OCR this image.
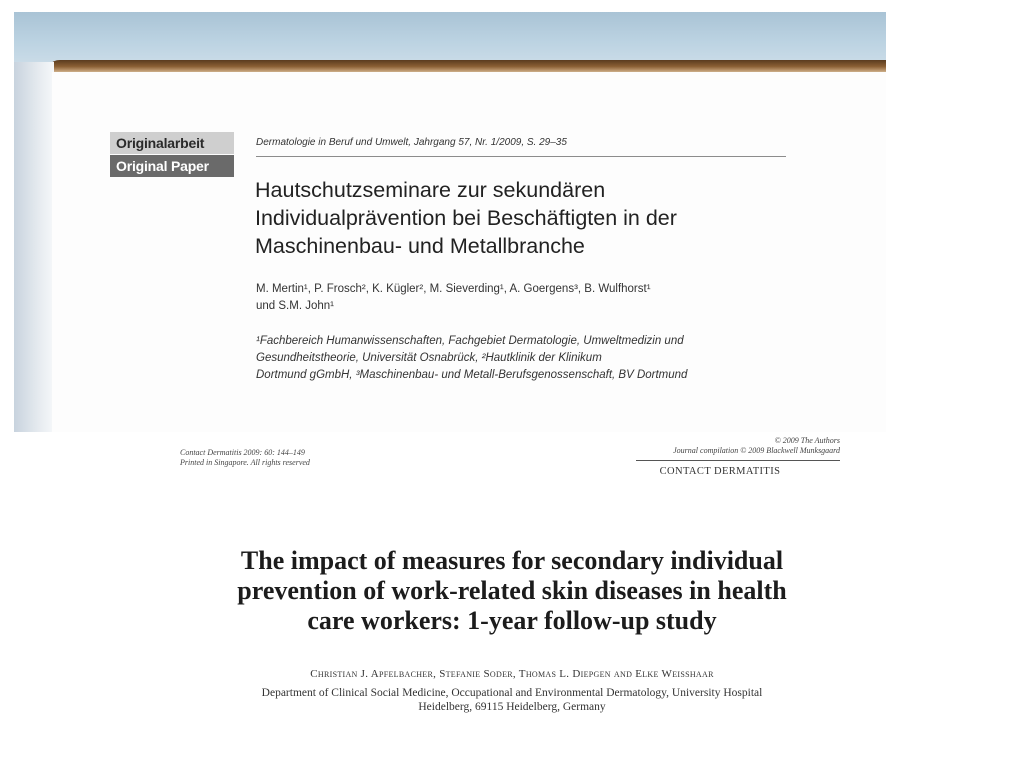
Originalarbeit
Original Paper
Dermatologie in Beruf und Umwelt, Jahrgang 57, Nr. 1/2009, S. 29–35
Hautschutzseminare zur sekundären
Individualprävention bei Beschäftigten in der
Maschinenbau- und Metallbranche
M. Mertin¹, P. Frosch², K. Kügler², M. Sieverding¹, A. Goergens³, B. Wulfhorst¹
und S.M. John¹
¹Fachbereich Humanwissenschaften, Fachgebiet Dermatologie, Umweltmedizin und
Gesundheitstheorie, Universität Osnabrück, ²Hautklinik der Klinikum
Dortmund gGmbH, ³Maschinenbau- und Metall-Berufsgenossenschaft, BV Dortmund
Contact Dermatitis 2009: 60: 144–149
Printed in Singapore. All rights reserved
© 2009 The Authors
Journal compilation © 2009 Blackwell Munksgaard
CONTACT DERMATITIS
The impact of measures for secondary individual
prevention of work-related skin diseases in health
care workers: 1-year follow-up study
Christian J. Apfelbacher, Stefanie Soder, Thomas L. Diepgen and Elke Weisshaar
Department of Clinical Social Medicine, Occupational and Environmental Dermatology, University Hospital
Heidelberg, 69115 Heidelberg, Germany
